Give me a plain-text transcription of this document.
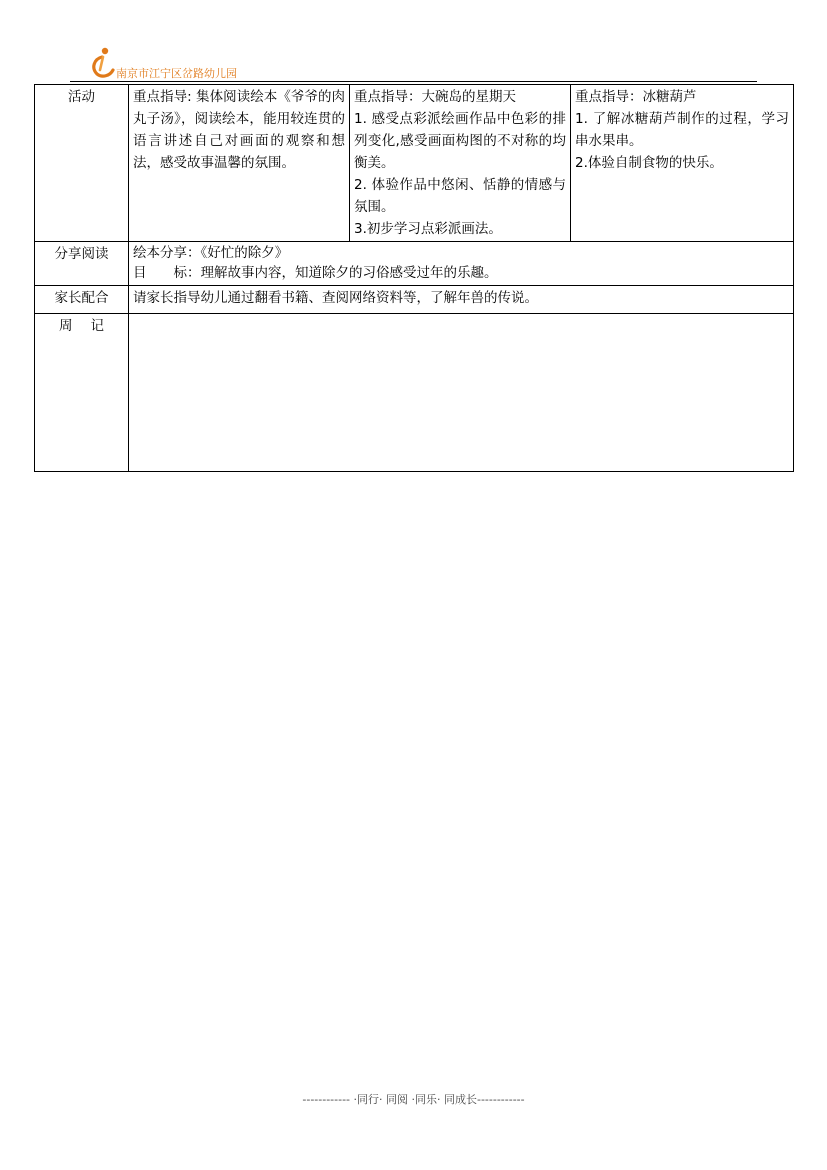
南京市江宁区岔路幼儿园
活动	重点指导: 集体阅读绘本《爷爷的肉丸子汤》，阅读绘本，能用较连贯的语言讲述自己对画面的观察和想法，感受故事温馨的氛围。	重点指导：大碗岛的星期天
1. 感受点彩派绘画作品中色彩的排列变化,感受画面构图的不对称的均衡美。
2. 体验作品中悠闲、恬静的情感与氛围。
3.初步学习点彩派画法。	重点指导：冰糖葫芦
1. 了解冰糖葫芦制作的过程，学习串水果串。
2.体验自制食物的快乐。

分享阅读	绘本分享：《好忙的除夕》
目　　标：理解故事内容，知道除夕的习俗感受过年的乐趣。		

家长配合	请家长指导幼儿通过翻看书籍、查阅网络资料等，了解年兽的传说。		
周记			
------------ ·同行· 同阅 ·同乐· 同成长------------
